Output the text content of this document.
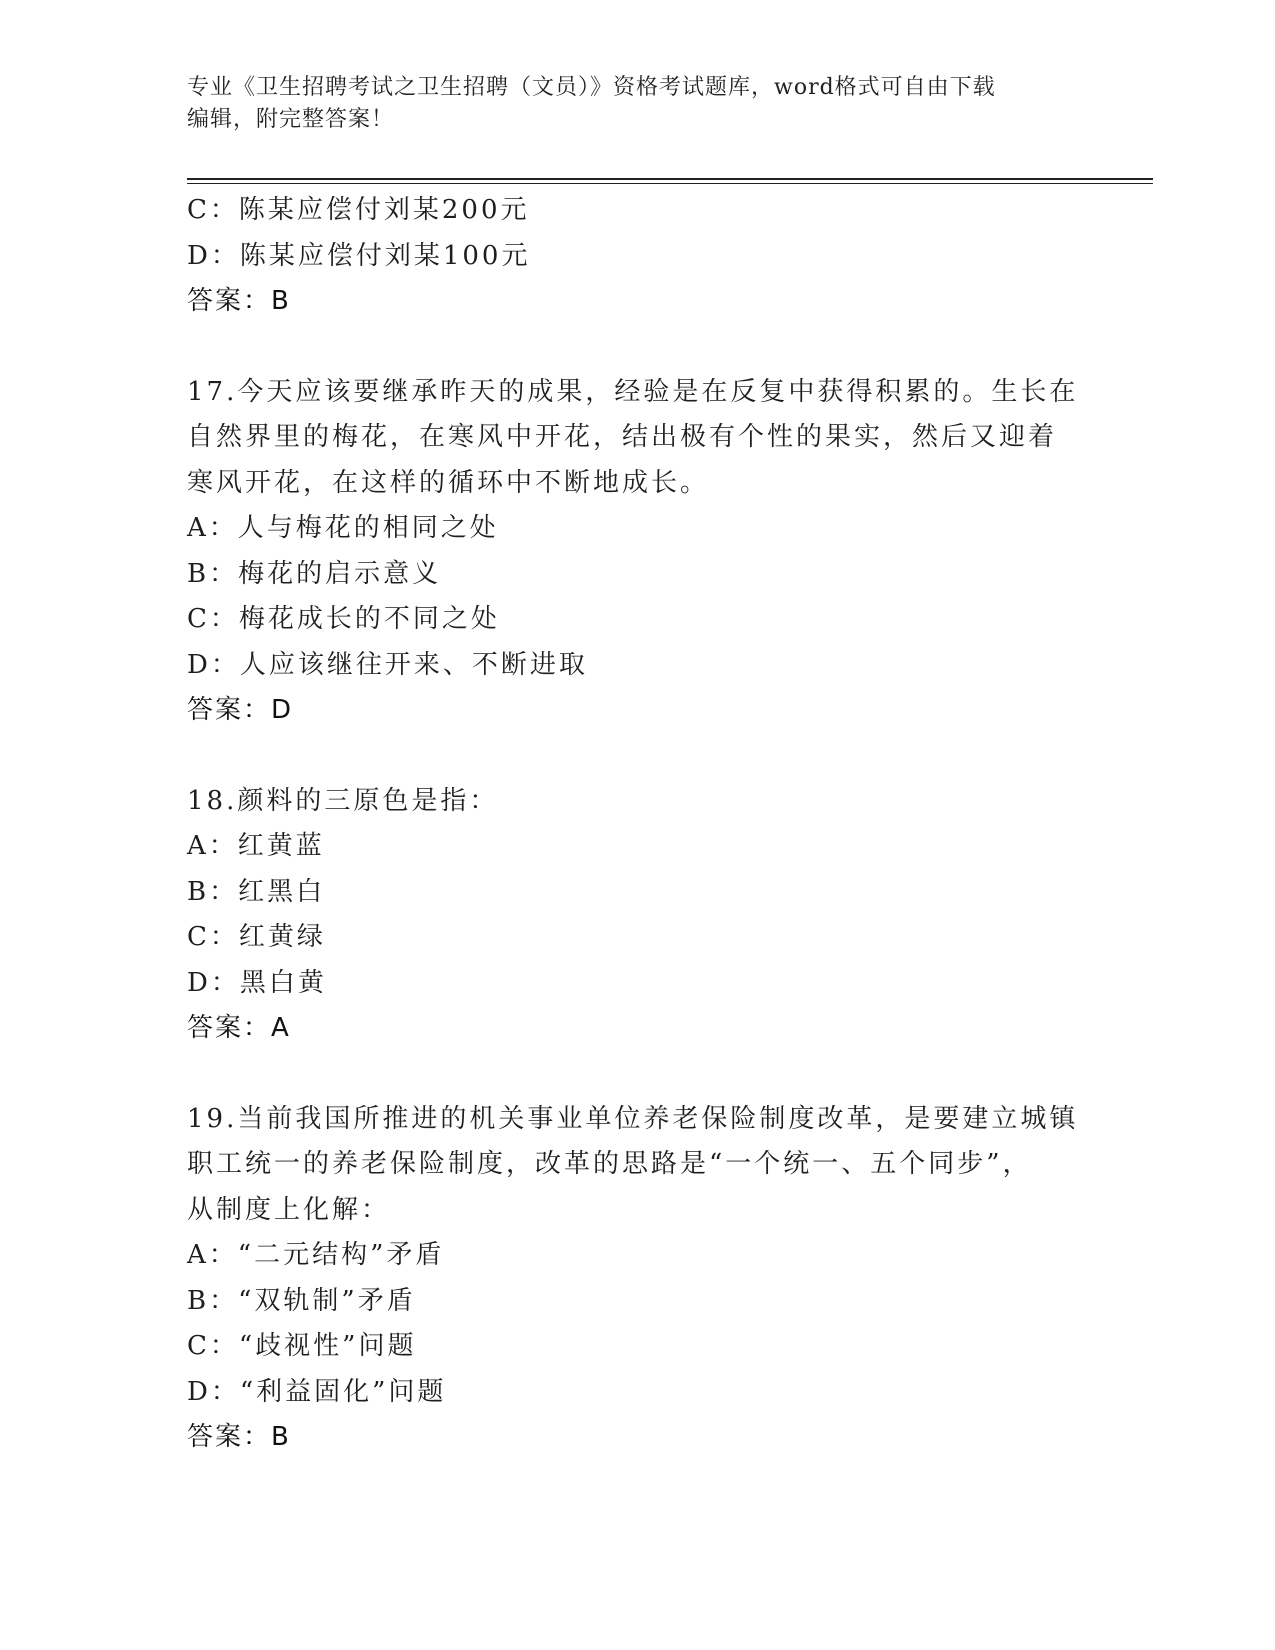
专业《卫生招聘考试之卫生招聘（文员）》资格考试题库，word格式可自由下载
编辑，附完整答案！
C：陈某应偿付刘某200元
D：陈某应偿付刘某100元
答案：B
17.今天应该要继承昨天的成果，经验是在反复中获得积累的。生长在
自然界里的梅花，在寒风中开花，结出极有个性的果实，然后又迎着
寒风开花，在这样的循环中不断地成长。
A：人与梅花的相同之处
B：梅花的启示意义
C：梅花成长的不同之处
D：人应该继往开来、不断进取
答案：D
18.颜料的三原色是指：
A：红黄蓝
B：红黑白
C：红黄绿
D：黑白黄
答案：A
19.当前我国所推进的机关事业单位养老保险制度改革，是要建立城镇
职工统一的养老保险制度，改革的思路是“一个统一、五个同步”，
从制度上化解：
A：“二元结构”矛盾
B：“双轨制”矛盾
C：“歧视性”问题
D：“利益固化”问题
答案：B
